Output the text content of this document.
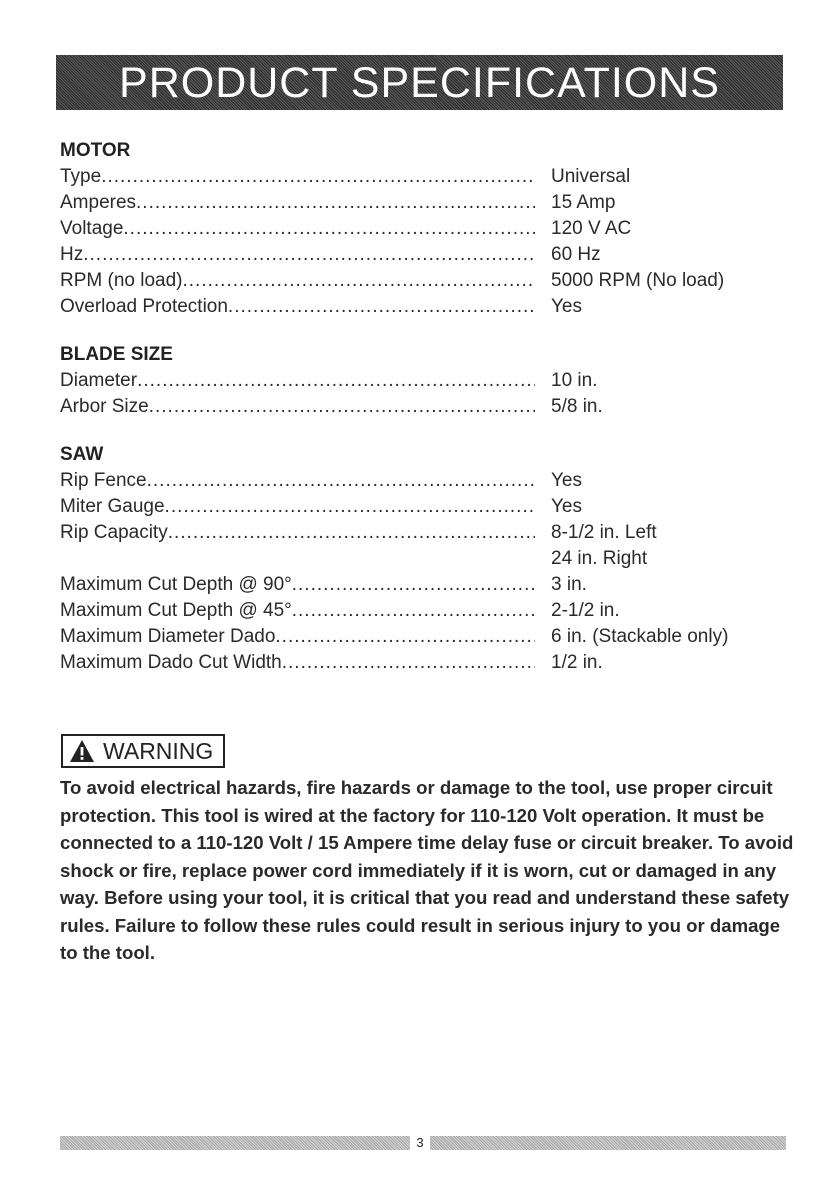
PRODUCT SPECIFICATIONS
MOTOR
Type .....	Universal
Amperes .....	15 Amp
Voltage .....	120 V AC
Hz .....	60 Hz
RPM (no load) .....	5000 RPM (No load)
Overload Protection .....	Yes
BLADE SIZE
Diameter .....	10 in.
Arbor Size .....	5/8 in.
SAW
Rip Fence .....	Yes
Miter Gauge .....	Yes
Rip Capacity .....	8-1/2 in. Left
24 in. Right
Maximum Cut Depth @ 90° .....	3 in.
Maximum Cut Depth @ 45° .....	2-1/2 in.
Maximum Diameter Dado .....	6 in. (Stackable only)
Maximum Dado Cut Width .....	1/2 in.
WARNING
To avoid electrical hazards, fire hazards or damage to the tool, use proper circuit protection. This tool is wired at the factory for 110-120 Volt operation. It must be connected to a 110-120 Volt / 15 Ampere time delay fuse or circuit breaker. To avoid shock or fire, replace power cord immediately if it is worn, cut or damaged in any way. Before using your tool, it is critical that you read and understand these safety rules. Failure to follow these rules could result in serious injury to you or damage to the tool.
3
